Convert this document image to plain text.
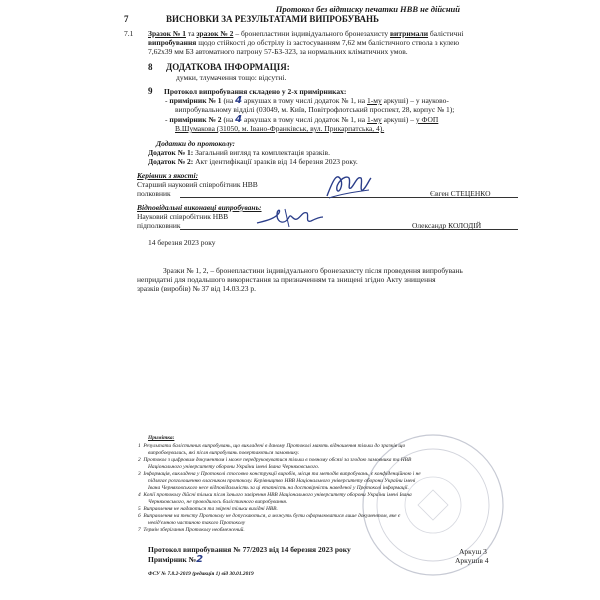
Протокол без відтиску печатки НВВ не дійсний
7	ВИСНОВКИ ЗА РЕЗУЛЬТАТАМИ ВИПРОБУВАНЬ
7.1 Зразок № 1 та зразок № 2 – бронепластини індивідуального бронезахисту витримали балістичні
випробування щодо стійкості до обстрілу із застосуванням 7,62 мм балістичного ствола з кулею
7,62х39 мм БЗ автоматного патрону 57-БЗ-323, за нормальних кліматичних умов.
8 ДОДАТКОВА ІНФОРМАЦІЯ:
думки, тлумачення тощо: відсутні.
9 Протокол випробування складено у 2-х примірниках:
- примірник № 1 (на 4 аркушах в тому числі додаток № 1, на 1-му аркуші) – у науково-
випробувальному відділі (03049, м. Київ, Повітрофлотський проспект, 28, корпус № 1);
- примірник № 2 (на 4 аркушах в тому числі додаток № 1, на 1-му аркуші) – у ФОП
В.Шумакова (31050, м. Івано-Франківськ, вул. Прикарпатська, 4).
Додатки до протоколу:
Додаток № 1: Загальний вигляд та комплектація зразків.
Додаток № 2: Акт ідентифікації зразків від 14 березня 2023 року.
Керівник з якості:
Старший науковий співробітник НВВ
полковник	Євген СТЕЦЕНКО
Відповідальні виконавці випробувань:
Науковий співробітник НВВ
підполковник	Олександр КОЛОДІЙ
14 березня 2023 року
Зразки № 1, 2, – бронепластини індивідуального бронезахисту після проведення випробувань
непридатні для подальшого використання за призначенням та знищені згідно Акту знищення
зразків (виробів) № 37 від 14.03.23 р.
Примітка:
1 Результати балістичних випробувань, що викладені в даному Протоколі мають відношення тільки до зразків що
випробовувались, які після випробувань повертаються замовнику.
2 Протокол з цифровим документом і може передруковуватися тільки в повному обсязі за згодою замовника та НВВ
Національного університету оборони України імені Івана Черняховського.
3 Інформація, викладена у Протоколі стосовно конструкції виробів, місця та методів випробувань, є конфіденційною і не
підлягає розголошенню власником протоколу. Керівництво НВВ Національного університету оборони України імені
Івана Черняховського несе відповідальність за ці етапність на достовірність наведеної у Протоколі інформації.
4 Копії протоколу дійсні тільки після їхнього завірення НВВ Національного університету оборони України імені Івана
Черняховського, не проводилось балістичного випробування.
5 Виправлення не надаються та звірені тільки вихідні НВВ.
6 Виправлення на тексту Протоколу не допускаються, а можуть бути оформлюватися лише документом, яке є
невід'ємною частиною такого Протоколу
7 Термін зберігання Протоколу необмежений.
Протокол випробування № 77/2023 від 14 березня 2023 року
Примірник №2
Аркуш 3
Аркушів 4
ФСУ № 7.8.2-2019 (редакція 1) від 30.01.2019
